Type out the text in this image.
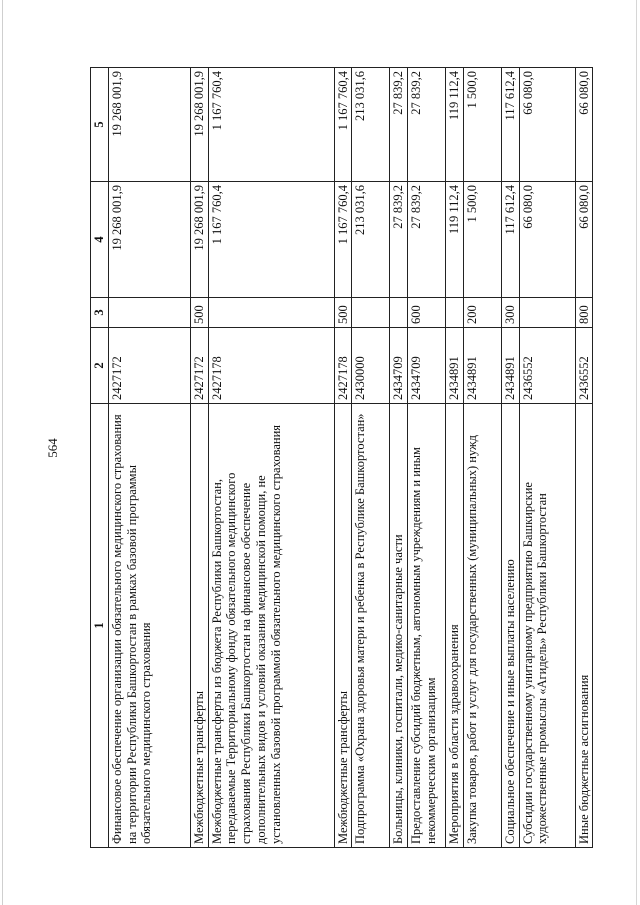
564
1	2	3	4	5
Финансовое обеспечение организации обязательного медицинского страхования на территории Республики Башкортостан в рамках базовой программы обязательного медицинского страхования	2427172		19 268 001,9	19 268 001,9
Межбюджетные трансферты	2427172	500	19 268 001,9	19 268 001,9
Межбюджетные трансферты из бюджета Республики Башкортостан, передаваемые Территориальному фонду обязательного медицинского страхования Республики Башкортостан на финансовое обеспечение дополнительных видов и условий оказания медицинской помощи, не установленных базовой программой обязательного медицинского страхования	2427178		1 167 760,4	1 167 760,4
Межбюджетные трансферты	2427178	500	1 167 760,4	1 167 760,4
Подпрограмма «Охрана здоровья матери и ребенка в Республике Башкортостан»	2430000		213 031,6	213 031,6
Больницы, клиники, госпитали, медико-санитарные части	2434709		27 839,2	27 839,2
Предоставление субсидий бюджетным, автономным учреждениям и иным некоммерческим организациям	2434709	600	27 839,2	27 839,2
Мероприятия в области здравоохранения	2434891		119 112,4	119 112,4
Закупка товаров, работ и услуг для государственных (муниципальных) нужд	2434891	200	1 500,0	1 500,0
Социальное обеспечение и иные выплаты населению	2434891	300	117 612,4	117 612,4
Субсидии государственному унитарному предприятию Башкирские художественные промыслы «Агидель» Республики Башкортостан	2436552		66 080,0	66 080,0
Иные бюджетные ассигнования	2436552	800	66 080,0	66 080,0
